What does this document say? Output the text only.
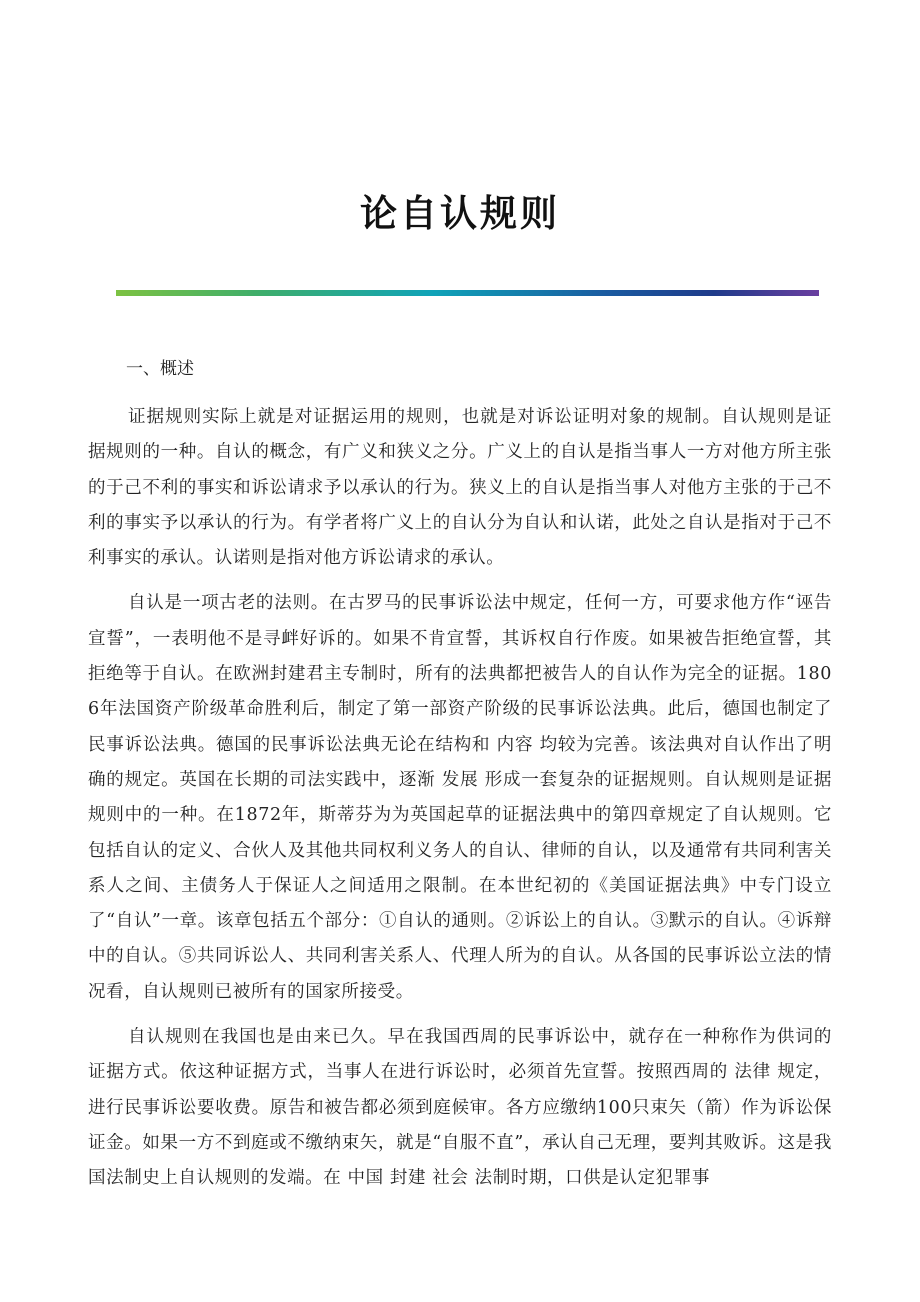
论自认规则
一、概述

证据规则实际上就是对证据运用的规则，也就是对诉讼证明对象的规制。自认规则是证据规则的一种。自认的概念，有广义和狭义之分。广义上的自认是指当事人一方对他方所主张的于己不利的事实和诉讼请求予以承认的行为。狭义上的自认是指当事人对他方主张的于己不利的事实予以承认的行为。有学者将广义上的自认分为自认和认诺，此处之自认是指对于己不利事实的承认。认诺则是指对他方诉讼请求的承认。

自认是一项古老的法则。在古罗马的民事诉讼法中规定，任何一方，可要求他方作“诬告宣誓”，一表明他不是寻衅好诉的。如果不肯宣誓，其诉权自行作废。如果被告拒绝宣誓，其拒绝等于自认。在欧洲封建君主专制时，所有的法典都把被告人的自认作为完全的证据。1806年法国资产阶级革命胜利后，制定了第一部资产阶级的民事诉讼法典。此后，德国也制定了民事诉讼法典。德国的民事诉讼法典无论在结构和 内容 均较为完善。该法典对自认作出了明确的规定。英国在长期的司法实践中，逐渐 发展 形成一套复杂的证据规则。自认规则是证据规则中的一种。在1872年，斯蒂芬为为英国起草的证据法典中的第四章规定了自认规则。它包括自认的定义、合伙人及其他共同权利义务人的自认、律师的自认，以及通常有共同利害关系人之间、主债务人于保证人之间适用之限制。在本世纪初的《美国证据法典》中专门设立了“自认”一章。该章包括五个部分：①自认的通则。②诉讼上的自认。③默示的自认。④诉辩中的自认。⑤共同诉讼人、共同利害关系人、代理人所为的自认。从各国的民事诉讼立法的情况看，自认规则已被所有的国家所接受。

自认规则在我国也是由来已久。早在我国西周的民事诉讼中，就存在一种称作为供词的证据方式。依这种证据方式，当事人在进行诉讼时，必须首先宣誓。按照西周的 法律 规定，进行民事诉讼要收费。原告和被告都必须到庭候审。各方应缴纳100只束矢（箭）作为诉讼保证金。如果一方不到庭或不缴纳束矢，就是“自服不直”，承认自己无理，要判其败诉。这是我国法制史上自认规则的发端。在 中国 封建 社会 法制时期，口供是认定犯罪事
